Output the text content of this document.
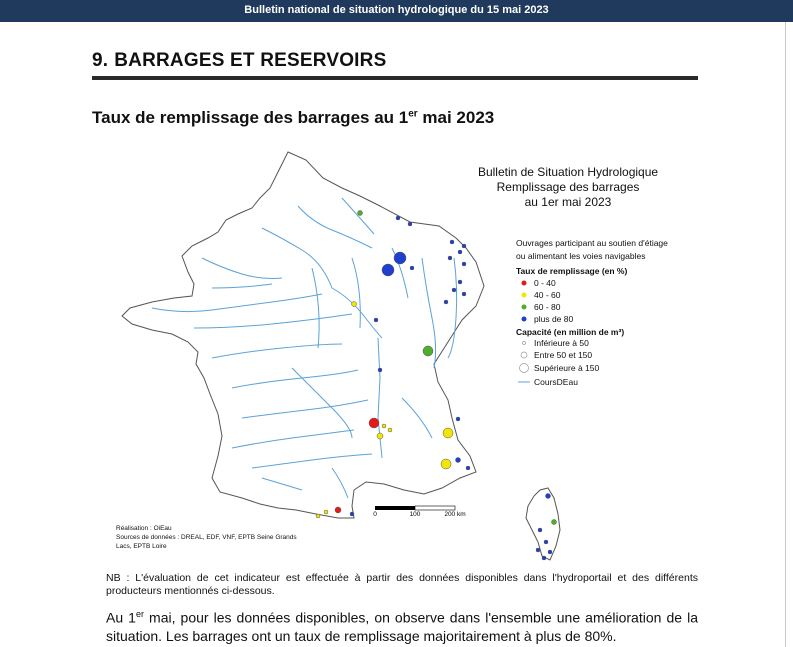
Bulletin national de situation hydrologique du 15 mai 2023
9. BARRAGES ET RESERVOIRS
Taux de remplissage des barrages au 1er mai 2023
Bulletin de Situation Hydrologique
Remplissage des barrages
au 1er mai 2023
Ouvrages participant au soutien d'étiage
ou alimentant les voies navigables
Taux de remplissage (en %)
0 - 40
40 - 60
60 - 80
plus de 80
Capacité (en million de m³)
Inférieure à 50
Entre 50 et 150
Supérieure à 150
CoursDEau
0	100	200 km
Réalisation : OiEau
Sources de données : DREAL, EDF, VNF, EPTB Seine Grands
Lacs, EPTB Loire
NB : L'évaluation de cet indicateur est effectuée à partir des données disponibles dans l'hydroportail et des différents producteurs mentionnés ci-dessous.
Au 1er mai, pour les données disponibles, on observe dans l'ensemble une amélioration de la situation. Les barrages ont un taux de remplissage majoritairement à plus de 80%.
